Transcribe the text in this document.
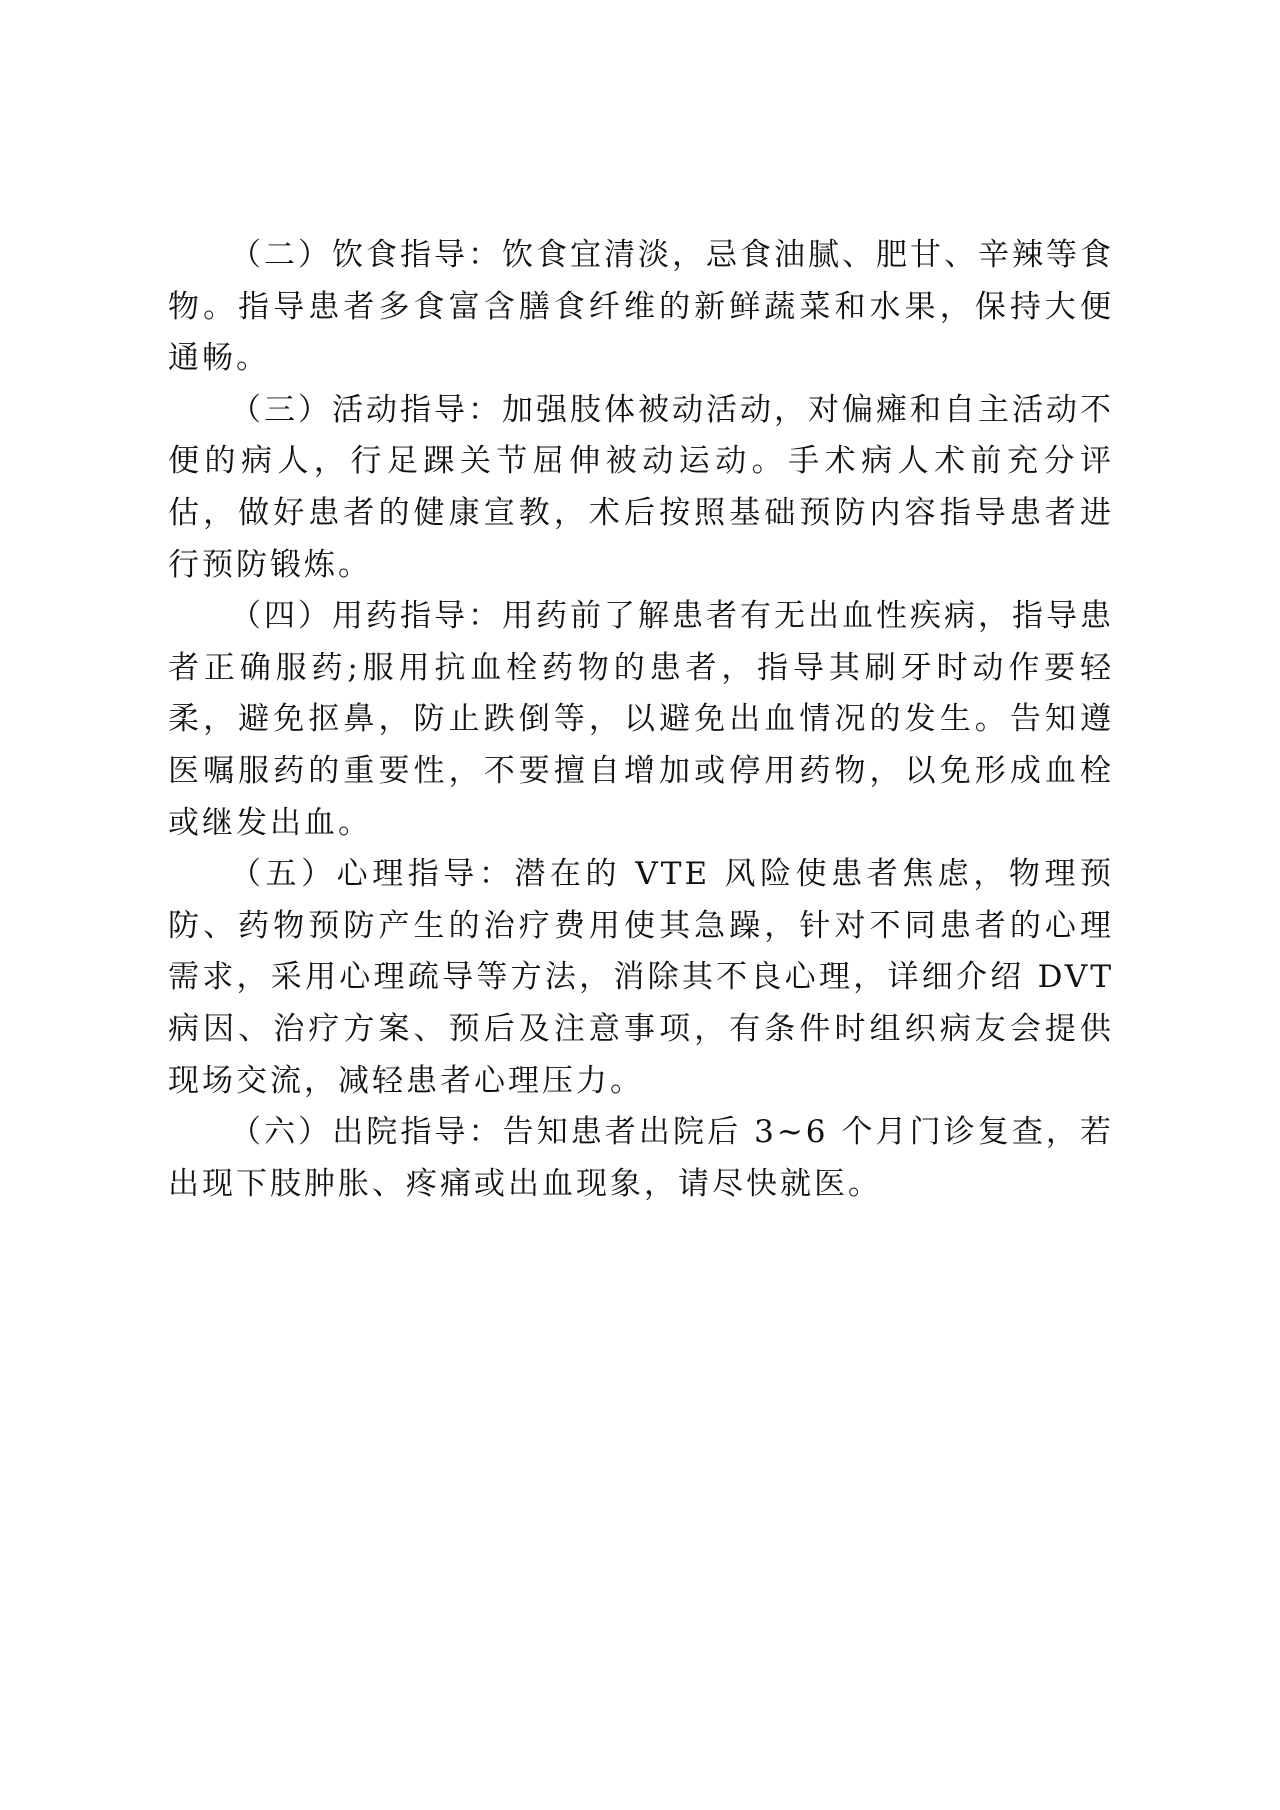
（二）饮食指导：饮食宜清淡，忌食油腻、肥甘、辛辣等食物。指导患者多食富含膳食纤维的新鲜蔬菜和水果，保持大便通畅。

（三）活动指导：加强肢体被动活动，对偏瘫和自主活动不便的病人，行足踝关节屈伸被动运动。手术病人术前充分评估，做好患者的健康宣教，术后按照基础预防内容指导患者进行预防锻炼。

（四）用药指导：用药前了解患者有无出血性疾病，指导患者正确服药;服用抗血栓药物的患者，指导其刷牙时动作要轻柔，避免抠鼻，防止跌倒等，以避免出血情况的发生。告知遵医嘱服药的重要性，不要擅自增加或停用药物，以免形成血栓或继发出血。

（五）心理指导：潜在的 VTE 风险使患者焦虑，物理预防、药物预防产生的治疗费用使其急躁，针对不同患者的心理需求，采用心理疏导等方法，消除其不良心理，详细介绍 DVT 病因、治疗方案、预后及注意事项，有条件时组织病友会提供现场交流，减轻患者心理压力。

（六）出院指导：告知患者出院后 3~6 个月门诊复查，若出现下肢肿胀、疼痛或出血现象，请尽快就医。
